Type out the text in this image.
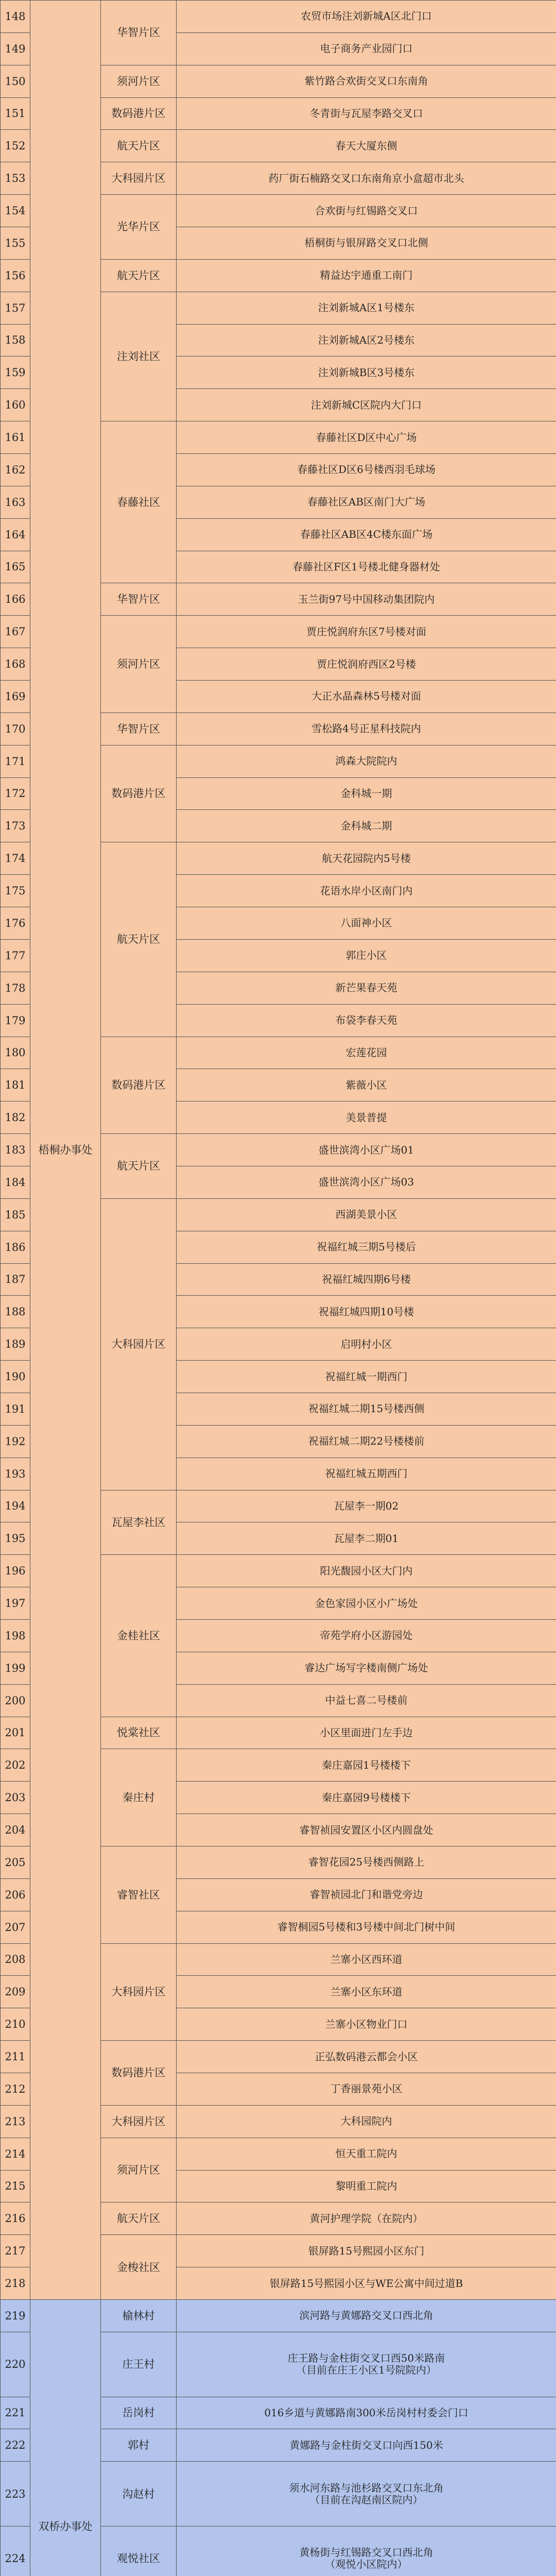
148	梧桐办事处	华智片区	农贸市场注刘新城A区北门口
149			电子商务产业园门口
150		须河片区	紫竹路合欢街交叉口东南角
151		数码港片区	冬青街与瓦屋李路交叉口
152		航天片区	春天大厦东侧
153		大科园片区	药厂街石楠路交叉口东南角京小盒超市北头
154		光华片区	合欢街与红锡路交叉口
155			梧桐街与银屏路交叉口北侧
156		航天片区	精益达宇通重工南门
157		注刘社区	注刘新城A区1号楼东
158			注刘新城A区2号楼东
159			注刘新城B区3号楼东
160			注刘新城C区院内大门口
161		春藤社区	春藤社区D区中心广场
162			春藤社区D区6号楼西羽毛球场
163			春藤社区AB区南门大广场
164			春藤社区AB区4C楼东面广场
165			春藤社区F区1号楼北健身器材处
166		华智片区	玉兰街97号中国移动集团院内
167		须河片区	贾庄悦润府东区7号楼对面
168			贾庄悦润府西区2号楼
169			大正水晶森林5号楼对面
170		华智片区	雪松路4号正星科技院内
171		数码港片区	鸿森大院院内
172			金科城一期
173			金科城二期
174		航天片区	航天花园院内5号楼
175			花语水岸小区南门内
176			八面神小区
177			郭庄小区
178			新芒果春天苑
179			布袋李春天苑
180		数码港片区	宏莲花园
181			紫薇小区
182			美景普提
183		航天片区	盛世滨湾小区广场01
184			盛世滨湾小区广场03
185		大科园片区	西湖美景小区
186			祝福红城三期5号楼后
187			祝福红城四期6号楼
188			祝福红城四期10号楼
189			启明村小区
190			祝福红城一期西门
191			祝福红城二期15号楼西侧
192			祝福红城二期22号楼楼前
193			祝福红城五期西门
194		瓦屋李社区	瓦屋李一期02
195			瓦屋李二期01
196		金桂社区	阳光馥园小区大门内
197			金色家园小区小广场处
198			帝苑学府小区游园处
199			睿达广场写字楼南侧广场处
200			中益七喜二号楼前
201		悦棠社区	小区里面进门左手边
202		秦庄村	秦庄嘉园1号楼楼下
203			秦庄嘉园9号楼楼下
204			睿智祯园安置区小区内圆盘处
205		睿智社区	睿智花园25号楼西侧路上
206			睿智祯园北门和谐党旁边
207			睿智桐园5号楼和3号楼中间北门树中间
208		大科园片区	兰寨小区西环道
209			兰寨小区东环道
210			兰寨小区物业门口
211		数码港片区	正弘数码港云都会小区
212			丁香丽景苑小区
213		大科园片区	大科园院内
214		须河片区	恒天重工院内
215			黎明重工院内
216		航天片区	黄河护理学院（在院内）
217		金梭社区	银屏路15号熙园小区东门
218			银屏路15号熙园小区与WE公寓中间过道B
219	双桥办事处	榆林村	滨河路与黄娜路交叉口西北角
220		庄王村	庄王路与金柱街交叉口西50米路南
（目前在庄王小区1号院院内）
221		岳岗村	016乡道与黄娜路南300米岳岗村村委会门口
222		郭村	黄娜路与金柱街交叉口向西150米
223		沟赵村	须水河东路与池杉路交叉口东北角
（目前在沟赵南区院内）
224		观悦社区	黄杨街与红锡路交叉口西北角
（观悦小区院内）
